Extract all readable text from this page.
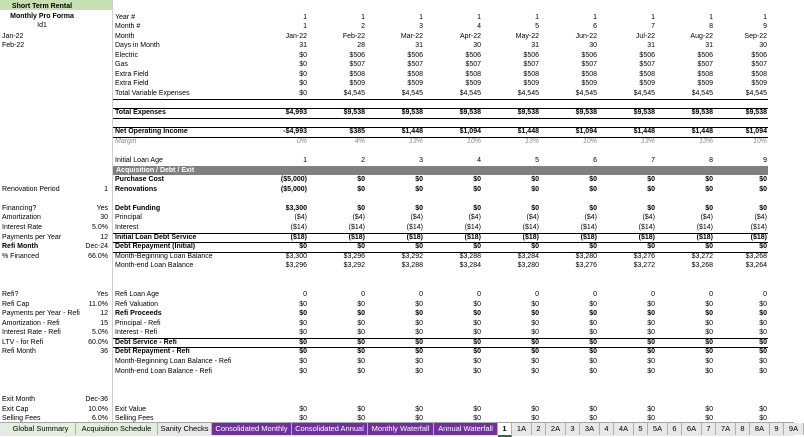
Short Term Rental
Monthly Pro Forma
Id1
Year #	1	1	1	1	1	1	1	1	1
Month #	1	2	3	4	5	6	7	8	9
Jan-22	Month	Jan-22	Feb-22	Mar-22	Apr-22	May-22	Jun-22	Jul-22	Aug-22	Sep-22
Feb-22	Days in Month	31	28	31	30	31	30	31	31	30
Electric	$0	$506	$506	$506	$506	$506	$506	$506	$506
Gas	$0	$507	$507	$507	$507	$507	$507	$507	$507
Extra Field	$0	$508	$508	$508	$508	$508	$508	$508	$508
Extra Field	$0	$509	$509	$509	$509	$509	$509	$509	$509
Total Variable Expenses	$0	$4,545	$4,545	$4,545	$4,545	$4,545	$4,545	$4,545	$4,545
Total Expenses	$4,993	$9,538	$9,538	$9,538	$9,538	$9,538	$9,538	$9,538	$9,538
Net Operating Income	-$4,993	$385	$1,448	$1,094	$1,448	$1,094	$1,448	$1,448	$1,094
Margin	0%	4%	13%	10%	13%	10%	13%	13%	10%
Initial Loan Age	1	2	3	4	5	6	7	8	9
Acquisition / Debt / Exit
Purchase Cost	($5,000)	$0	$0	$0	$0	$0	$0	$0	$0
Renovation Period	1 Renovations	($5,000)	$0	$0	$0	$0	$0	$0	$0	$0
Financing?	Yes Debt Funding	$3,300	$0	$0	$0	$0	$0	$0	$0	$0
Amortization	30 Principal	($4)	($4)	($4)	($4)	($4)	($4)	($4)	($4)	($4)
Interest Rate	5.0% Interest	($14)	($14)	($14)	($14)	($14)	($14)	($14)	($14)	($14)
Payments per Year	12 Initial Loan Debt Service	($18)	($18)	($18)	($18)	($18)	($18)	($18)	($18)	($18)
Refi Month	Dec-24 Debt Repayment (Initial)	$0	$0	$0	$0	$0	$0	$0	$0	$0
% Financed	66.0% Month-Beginning Loan Balance	$3,300	$3,296	$3,292	$3,288	$3,284	$3,280	$3,276	$3,272	$3,268
Month-end Loan Balance	$3,296	$3,292	$3,288	$3,284	$3,280	$3,276	$3,272	$3,268	$3,264
Refi?	Yes Refi Loan Age	0	0	0	0	0	0	0	0	0
Refi Cap	11.0% Refi Valuation	$0	$0	$0	$0	$0	$0	$0	$0	$0
Payments per Year - Refi	12 Refi Proceeds	$0	$0	$0	$0	$0	$0	$0	$0	$0
Amortization - Refi	15 Principal - Refi	$0	$0	$0	$0	$0	$0	$0	$0	$0
Interest Rate - Refi	5.0% Interest - Refi	$0	$0	$0	$0	$0	$0	$0	$0	$0
LTV - for Refi	60.0% Debt Service - Refi	$0	$0	$0	$0	$0	$0	$0	$0	$0
Refi Month	36 Debt Repayment - Refi	$0	$0	$0	$0	$0	$0	$0	$0	$0
Month-Beginning Loan Balance - Refi	$0	$0	$0	$0	$0	$0	$0	$0	$0
Month-end Loan Balance - Refi	$0	$0	$0	$0	$0	$0	$0	$0	$0
Exit Month	Dec-36
Exit Cap	10.0% Exit Value	$0	$0	$0	$0	$0	$0	$0	$0	$0
Selling Fees	6.0% Selling Fees	$0	$0	$0	$0	$0	$0	$0	$0	$0
Global Summary	Acquisition Schedule	Sanity Checks Consolidated Monthly	Consolidated Annual	Monthly Waterfall	Annual Waterfall	1	1A	2	2A	3	3A	4	4A	5	5A	6	6A	7	7A	8	8A	9	9A
